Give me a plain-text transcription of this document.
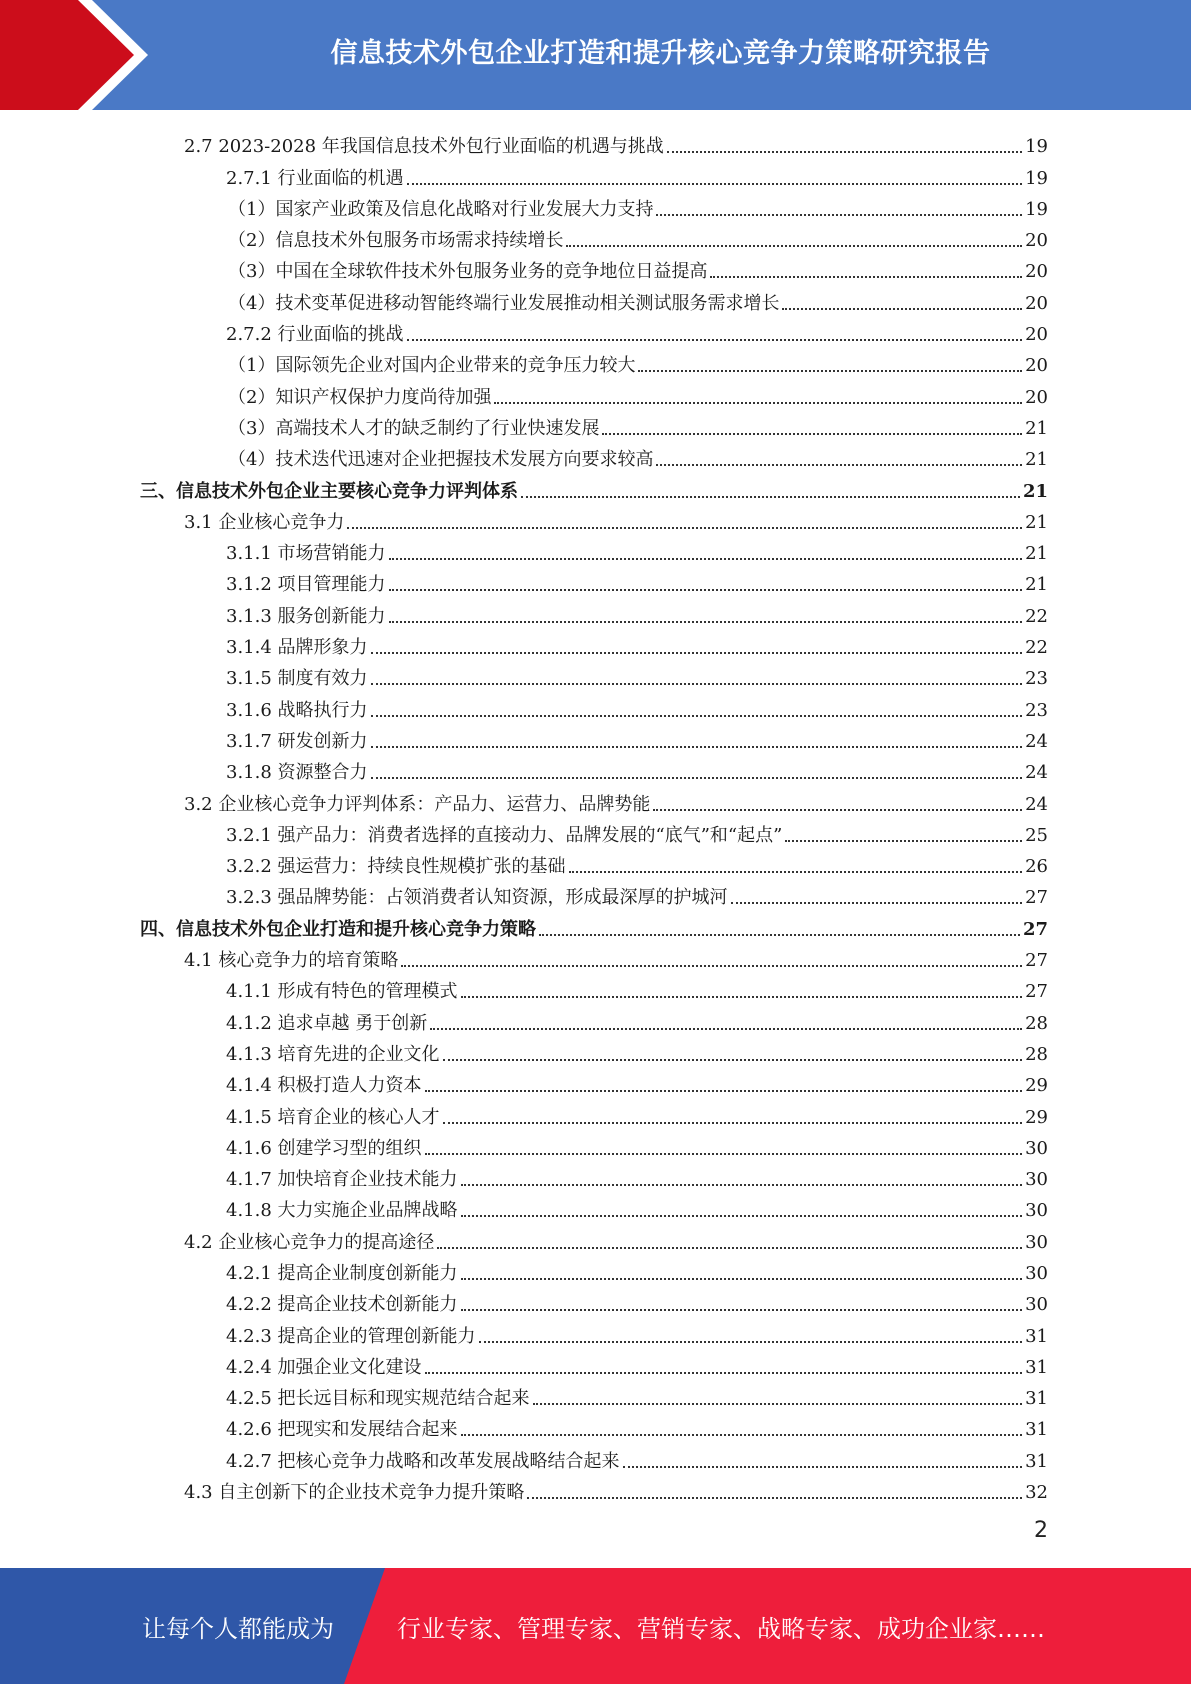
信息技术外包企业打造和提升核心竞争力策略研究报告
2.7 2023-2028 年我国信息技术外包行业面临的机遇与挑战	19
2.7.1 行业面临的机遇	19
（1）国家产业政策及信息化战略对行业发展大力支持	19
（2）信息技术外包服务市场需求持续增长	20
（3）中国在全球软件技术外包服务业务的竞争地位日益提高	20
（4）技术变革促进移动智能终端行业发展推动相关测试服务需求增长	20
2.7.2 行业面临的挑战	20
（1）国际领先企业对国内企业带来的竞争压力较大	20
（2）知识产权保护力度尚待加强	20
（3）高端技术人才的缺乏制约了行业快速发展	21
（4）技术迭代迅速对企业把握技术发展方向要求较高	21
三、信息技术外包企业主要核心竞争力评判体系	21
3.1 企业核心竞争力	21
3.1.1 市场营销能力	21
3.1.2 项目管理能力	21
3.1.3 服务创新能力	22
3.1.4 品牌形象力	22
3.1.5 制度有效力	23
3.1.6 战略执行力	23
3.1.7 研发创新力	24
3.1.8 资源整合力	24
3.2 企业核心竞争力评判体系：产品力、运营力、品牌势能	24
3.2.1 强产品力：消费者选择的直接动力、品牌发展的“底气”和“起点”	25
3.2.2 强运营力：持续良性规模扩张的基础	26
3.2.3 强品牌势能：占领消费者认知资源，形成最深厚的护城河	27
四、信息技术外包企业打造和提升核心竞争力策略	27
4.1 核心竞争力的培育策略	27
4.1.1 形成有特色的管理模式	27
4.1.2 追求卓越 勇于创新	28
4.1.3 培育先进的企业文化	28
4.1.4 积极打造人力资本	29
4.1.5 培育企业的核心人才	29
4.1.6 创建学习型的组织	30
4.1.7 加快培育企业技术能力	30
4.1.8 大力实施企业品牌战略	30
4.2 企业核心竞争力的提高途径	30
4.2.1 提高企业制度创新能力	30
4.2.2 提高企业技术创新能力	30
4.2.3 提高企业的管理创新能力	31
4.2.4 加强企业文化建设	31
4.2.5 把长远目标和现实规范结合起来	31
4.2.6 把现实和发展结合起来	31
4.2.7 把核心竞争力战略和改革发展战略结合起来	31
4.3 自主创新下的企业技术竞争力提升策略	32
2
让每个人都能成为	行业专家、管理专家、营销专家、战略专家、成功企业家……
